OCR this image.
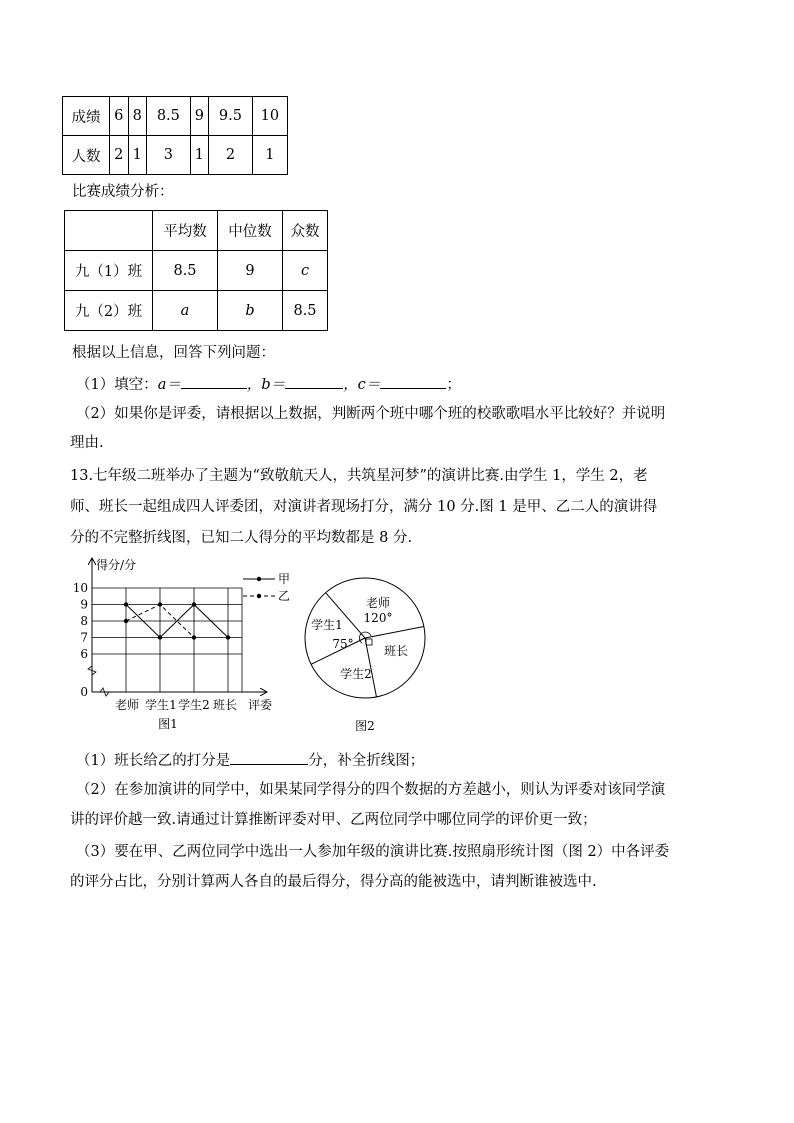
成绩	6	8	8.5	9	9.5	10
人数	2	1	3	1	2	1
比赛成绩分析：
	平均数	中位数	众数
九（1）班	8.5	9	c
九（2）班	a	b	8.5
根据以上信息，回答下列问题：
（1）填空：a＝	，b＝	，c＝	；
（2）如果你是评委，请根据以上数据，判断两个班中哪个班的校歌歌唱水平比较好？并说明
理由.
13.七年级二班举办了主题为“致敬航天人，共筑星河梦”的演讲比赛.由学生 1，学生 2，老
师、班长一起组成四人评委团，对演讲者现场打分，满分 10 分.图 1 是甲、乙二人的演讲得
分的不完整折线图，已知二人得分的平均数都是 8 分.
0
6
7
8
9
10
得分/分
老师 学生1 学生2 班长 评委
图1
甲
乙	老师
学生1
学生2
班长
120°
75°
图2
（1）班长给乙的打分是	分，补全折线图；
（2）在参加演讲的同学中，如果某同学得分的四个数据的方差越小，则认为评委对该同学演
讲的评价越一致.请通过计算推断评委对甲、乙两位同学中哪位同学的评价更一致；
（3）要在甲、乙两位同学中选出一人参加年级的演讲比赛.按照扇形统计图（图 2）中各评委
的评分占比，分别计算两人各自的最后得分，得分高的能被选中，请判断谁被选中.
